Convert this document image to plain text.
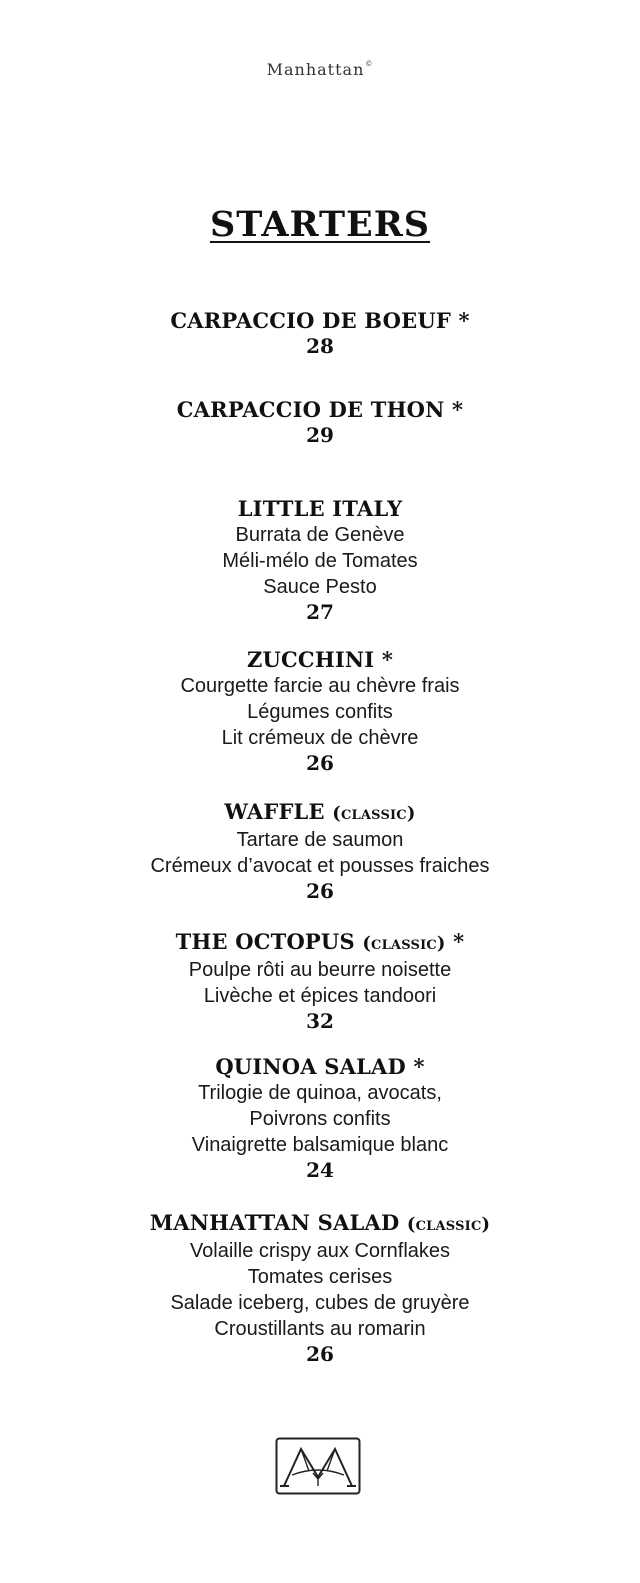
Manhattan©
STARTERS
CARPACCIO DE BOEUF *
28
CARPACCIO DE THON *
29
LITTLE ITALY
Burrata de Genève
Méli-mélo de Tomates
Sauce Pesto
27
ZUCCHINI *
Courgette farcie au chèvre frais
Légumes confits
Lit crémeux de chèvre
26
WAFFLE (classic)
Tartare de saumon
Crémeux d’avocat et pousses fraiches
26
THE OCTOPUS (classic) *
Poulpe rôti au beurre noisette
Livèche et épices tandoori
32
QUINOA SALAD *
Trilogie de quinoa, avocats,
Poivrons confits
Vinaigrette balsamique blanc
24
MANHATTAN SALAD (classic)
Volaille crispy aux Cornflakes
Tomates cerises
Salade iceberg, cubes de gruyère
Croustillants au romarin
26
